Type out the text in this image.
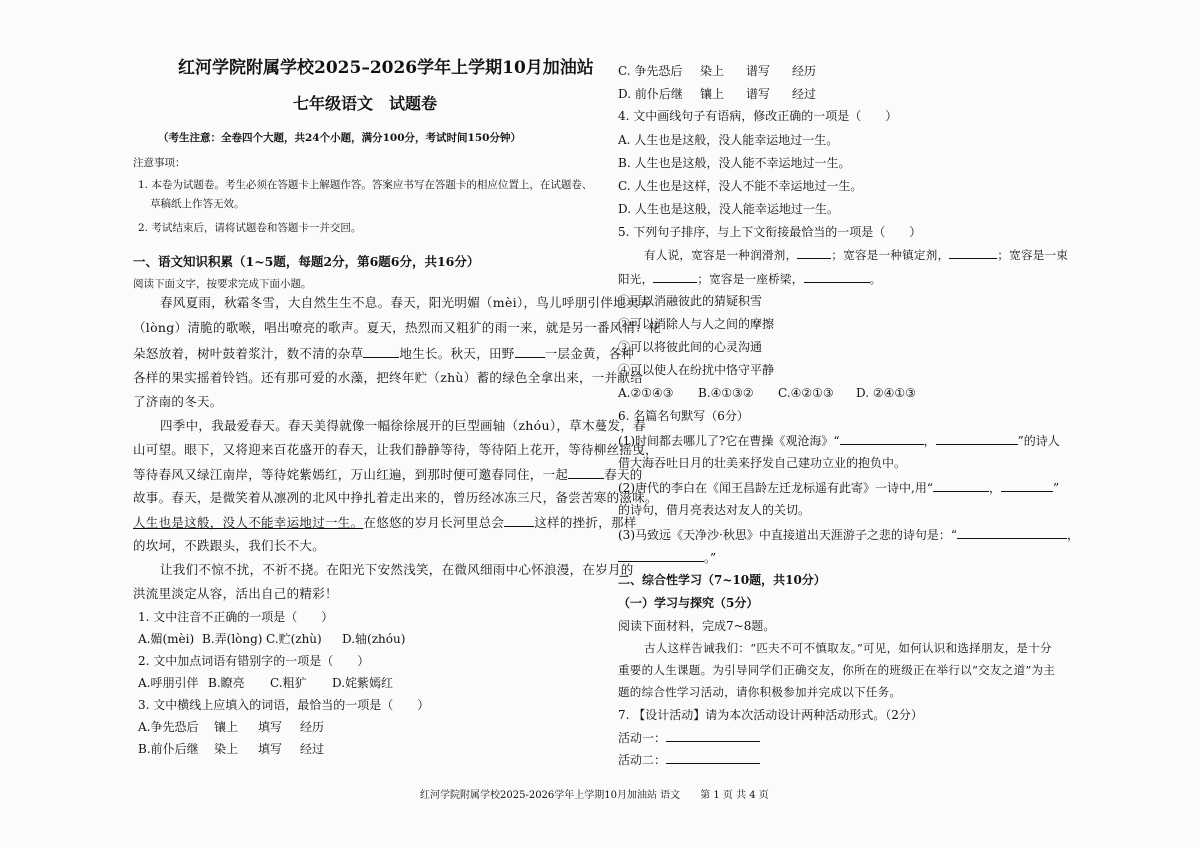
红河学院附属学校2025–2026学年上学期10月加油站
七年级语文　试题卷
（考生注意：全卷四个大题，共24个小题，满分100分，考试时间150分钟）
注意事项：
1. 本卷为试题卷。考生必须在答题卡上解题作答。答案应书写在答题卡的相应位置上，在试题卷、
草稿纸上作答无效。
2. 考试结束后，请将试题卷和答题卡一并交回。
一、语文知识积累（1~5题，每题2分，第6题6分，共16分）
阅读下面文字，按要求完成下面小题。
春风夏雨，秋霜冬雪，大自然生生不息。春天，阳光明媚（mèi），鸟儿呼朋引伴地卖弄
（lòng）清脆的歌喉，唱出嘹亮的歌声。夏天，热烈而又粗犷的雨一来，就是另一番风情：花
朵怒放着，树叶鼓着浆汁，数不清的杂草	地生长。秋天，田野 一层金黄，各种
各样的果实摇着铃铛。还有那可爱的水藻，把终年贮（zhù）蓄的绿色全拿出来，一并献给
了济南的冬天。
四季中，我最爱春天。春天美得就像一幅徐徐展开的巨型画轴（zhóu），草木蔓发，春
山可望。眼下，又将迎来百花盛开的春天，让我们静静等待，等待陌上花开，等待柳丝摇曳，
等待春风又绿江南岸，等待姹紫嫣红，万山红遍，到那时便可邀春同住，一起	春天的
故事。春天，是微笑着从凛冽的北风中挣扎着走出来的，曾历经冰冻三尺，备尝苦寒的滋味。
人生也是这般，没人不能幸运地过一生。在悠悠的岁月长河里总会 这样的挫折，那样
的坎坷，不跌跟头，我们长不大。
让我们不惊不扰，不祈不挠。在阳光下安然浅笑，在微风细雨中心怀浪漫，在岁月的
洪流里淡定从容，活出自己的精彩！
1. 文中注音不正确的一项是（　　）
A.媚(mèi) B.弄(lòng) C.贮(zhù) D.轴(zhóu)
2. 文中加点词语有错别字的一项是（　　）
A.呼朋引伴 B.瞭亮 C.粗犷 D.姹紫嫣红
3. 文中横线上应填入的词语，最恰当的一项是（　　）
A.争先恐后 镶上 填写 经历
B.前仆后继 染上 填写 经过
C. 争先恐后 染上 谱写 经历
D. 前仆后继 镶上 谱写 经过
4. 文中画线句子有语病，修改正确的一项是（　　）
A. 人生也是这般，没人能幸运地过一生。
B. 人生也是这般，没人能不幸运地过一生。
C. 人生也是这样，没人不能不幸运地过一生。
D. 人生也是这般，没人能幸运地过一生。
5. 下列句子排序，与上下文衔接最恰当的一项是（　　）
有人说，宽容是一种润滑剂，	；宽容是一种镇定剂，	；宽容是一束
阳光，	；宽容是一座桥梁，	。
①可以消融彼此的猜疑积雪
②可以消除人与人之间的摩擦
③可以将彼此间的心灵沟通
④可以使人在纷扰中恪守平静
A.②①④③ B.④①③② C.④②①③ D. ②④①③
6. 名篇名句默写（6分）
(1)时间都去哪儿了?它在曹操《观沧海》“	，	”的诗人
借大海吞吐日月的壮美来抒发自己建功立业的抱负中。
(2)唐代的李白在《闻王昌龄左迁龙标遥有此寄》一诗中,用“	，	”
的诗句，借月亮表达对友人的关切。
(3)马致远《天净沙·秋思》中直接道出天涯游子之悲的诗句是：“	，
。”
二、综合性学习（7~10题，共10分）
（一）学习与探究（5分）
阅读下面材料，完成7~8题。
古人这样告诫我们：“匹夫不可不慎取友。”可见，如何认识和选择朋友，是十分
重要的人生课题。为引导同学们正确交友，你所在的班级正在举行以“交友之道”为主
题的综合性学习活动，请你积极参加并完成以下任务。
7. 【设计活动】请为本次活动设计两种活动形式。（2分）
活动一：
活动二：
红河学院附属学校2025-2026学年上学期10月加油站 语文　　第 1 页 共 4 页
